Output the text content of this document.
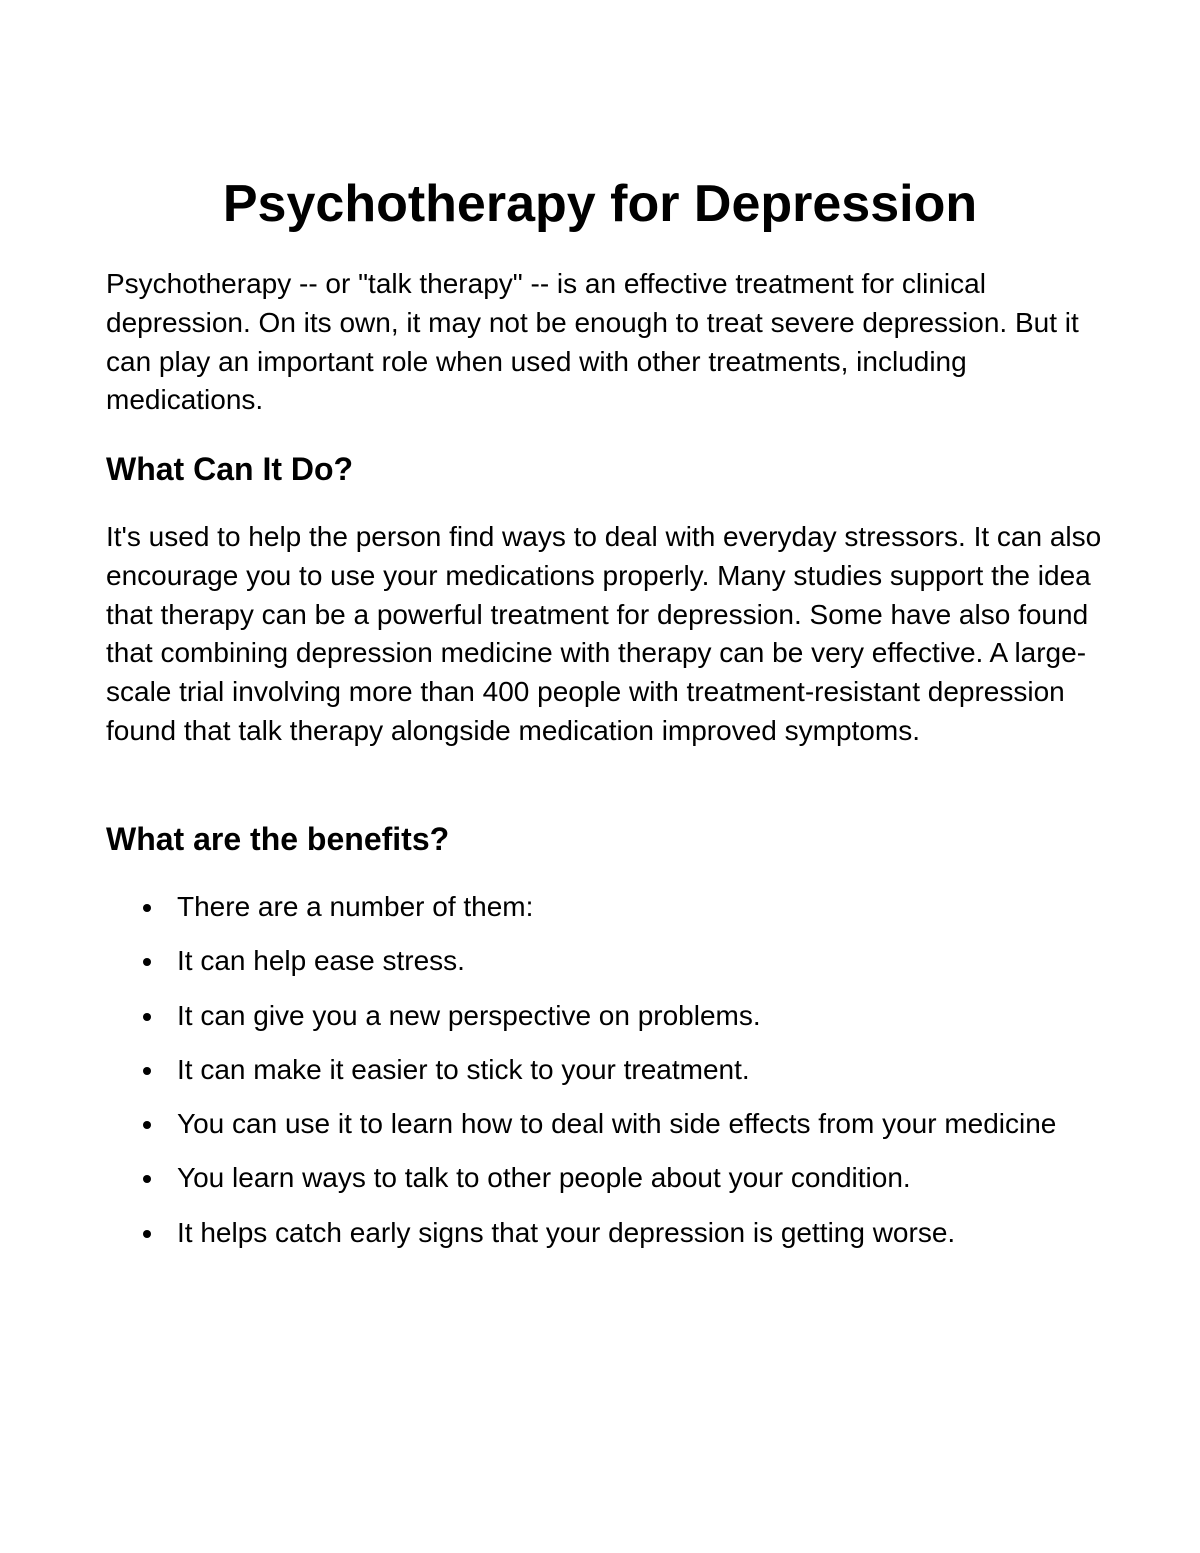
Psychotherapy for Depression

Psychotherapy -- or "talk therapy" -- is an effective treatment for clinical depression. On its own, it may not be enough to treat severe depression. But it can play an important role when used with other treatments, including medications.

What Can It Do?

It's used to help the person find ways to deal with everyday stressors. It can also encourage you to use your medications properly. Many studies support the idea that therapy can be a powerful treatment for depression. Some have also found that combining depression medicine with therapy can be very effective. A large-scale trial involving more than 400 people with treatment-resistant depression found that talk therapy alongside medication improved symptoms.

What are the benefits?
There are a number of them:
It can help ease stress.
It can give you a new perspective on problems.
It can make it easier to stick to your treatment.
You can use it to learn how to deal with side effects from your medicine
You learn ways to talk to other people about your condition.
It helps catch early signs that your depression is getting worse.
